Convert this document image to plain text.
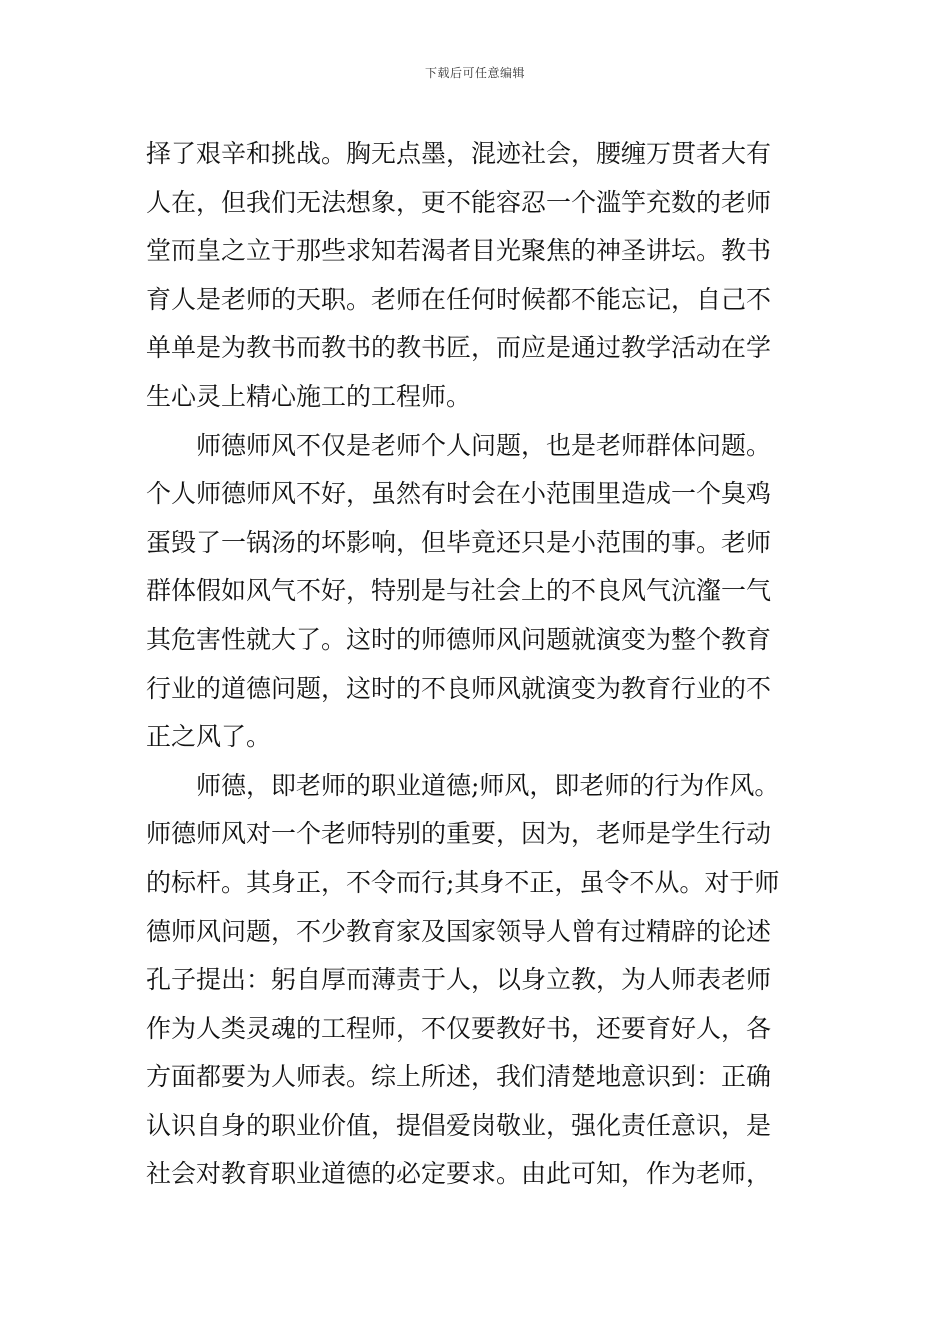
下载后可任意编辑
择了艰辛和挑战。胸无点墨，混迹社会，腰缠万贯者大有
人在，但我们无法想象，更不能容忍一个滥竽充数的老师
堂而皇之立于那些求知若渴者目光聚焦的神圣讲坛。教书
育人是老师的天职。老师在任何时候都不能忘记，自己不
单单是为教书而教书的教书匠，而应是通过教学活动在学
生心灵上精心施工的工程师。
师德师风不仅是老师个人问题，也是老师群体问题。
个人师德师风不好，虽然有时会在小范围里造成一个臭鸡
蛋毁了一锅汤的坏影响，但毕竟还只是小范围的事。老师
群体假如风气不好，特别是与社会上的不良风气沆瀣一气
其危害性就大了。这时的师德师风问题就演变为整个教育
行业的道德问题，这时的不良师风就演变为教育行业的不
正之风了。
师德，即老师的职业道德;师风，即老师的行为作风。
师德师风对一个老师特别的重要，因为，老师是学生行动
的标杆。其身正，不令而行;其身不正，虽令不从。对于师
德师风问题，不少教育家及国家领导人曾有过精辟的论述
孔子提出：躬自厚而薄责于人，以身立教，为人师表老师
作为人类灵魂的工程师，不仅要教好书，还要育好人，各
方面都要为人师表。综上所述，我们清楚地意识到：正确
认识自身的职业价值，提倡爱岗敬业，强化责任意识，是
社会对教育职业道德的必定要求。由此可知，作为老师，
